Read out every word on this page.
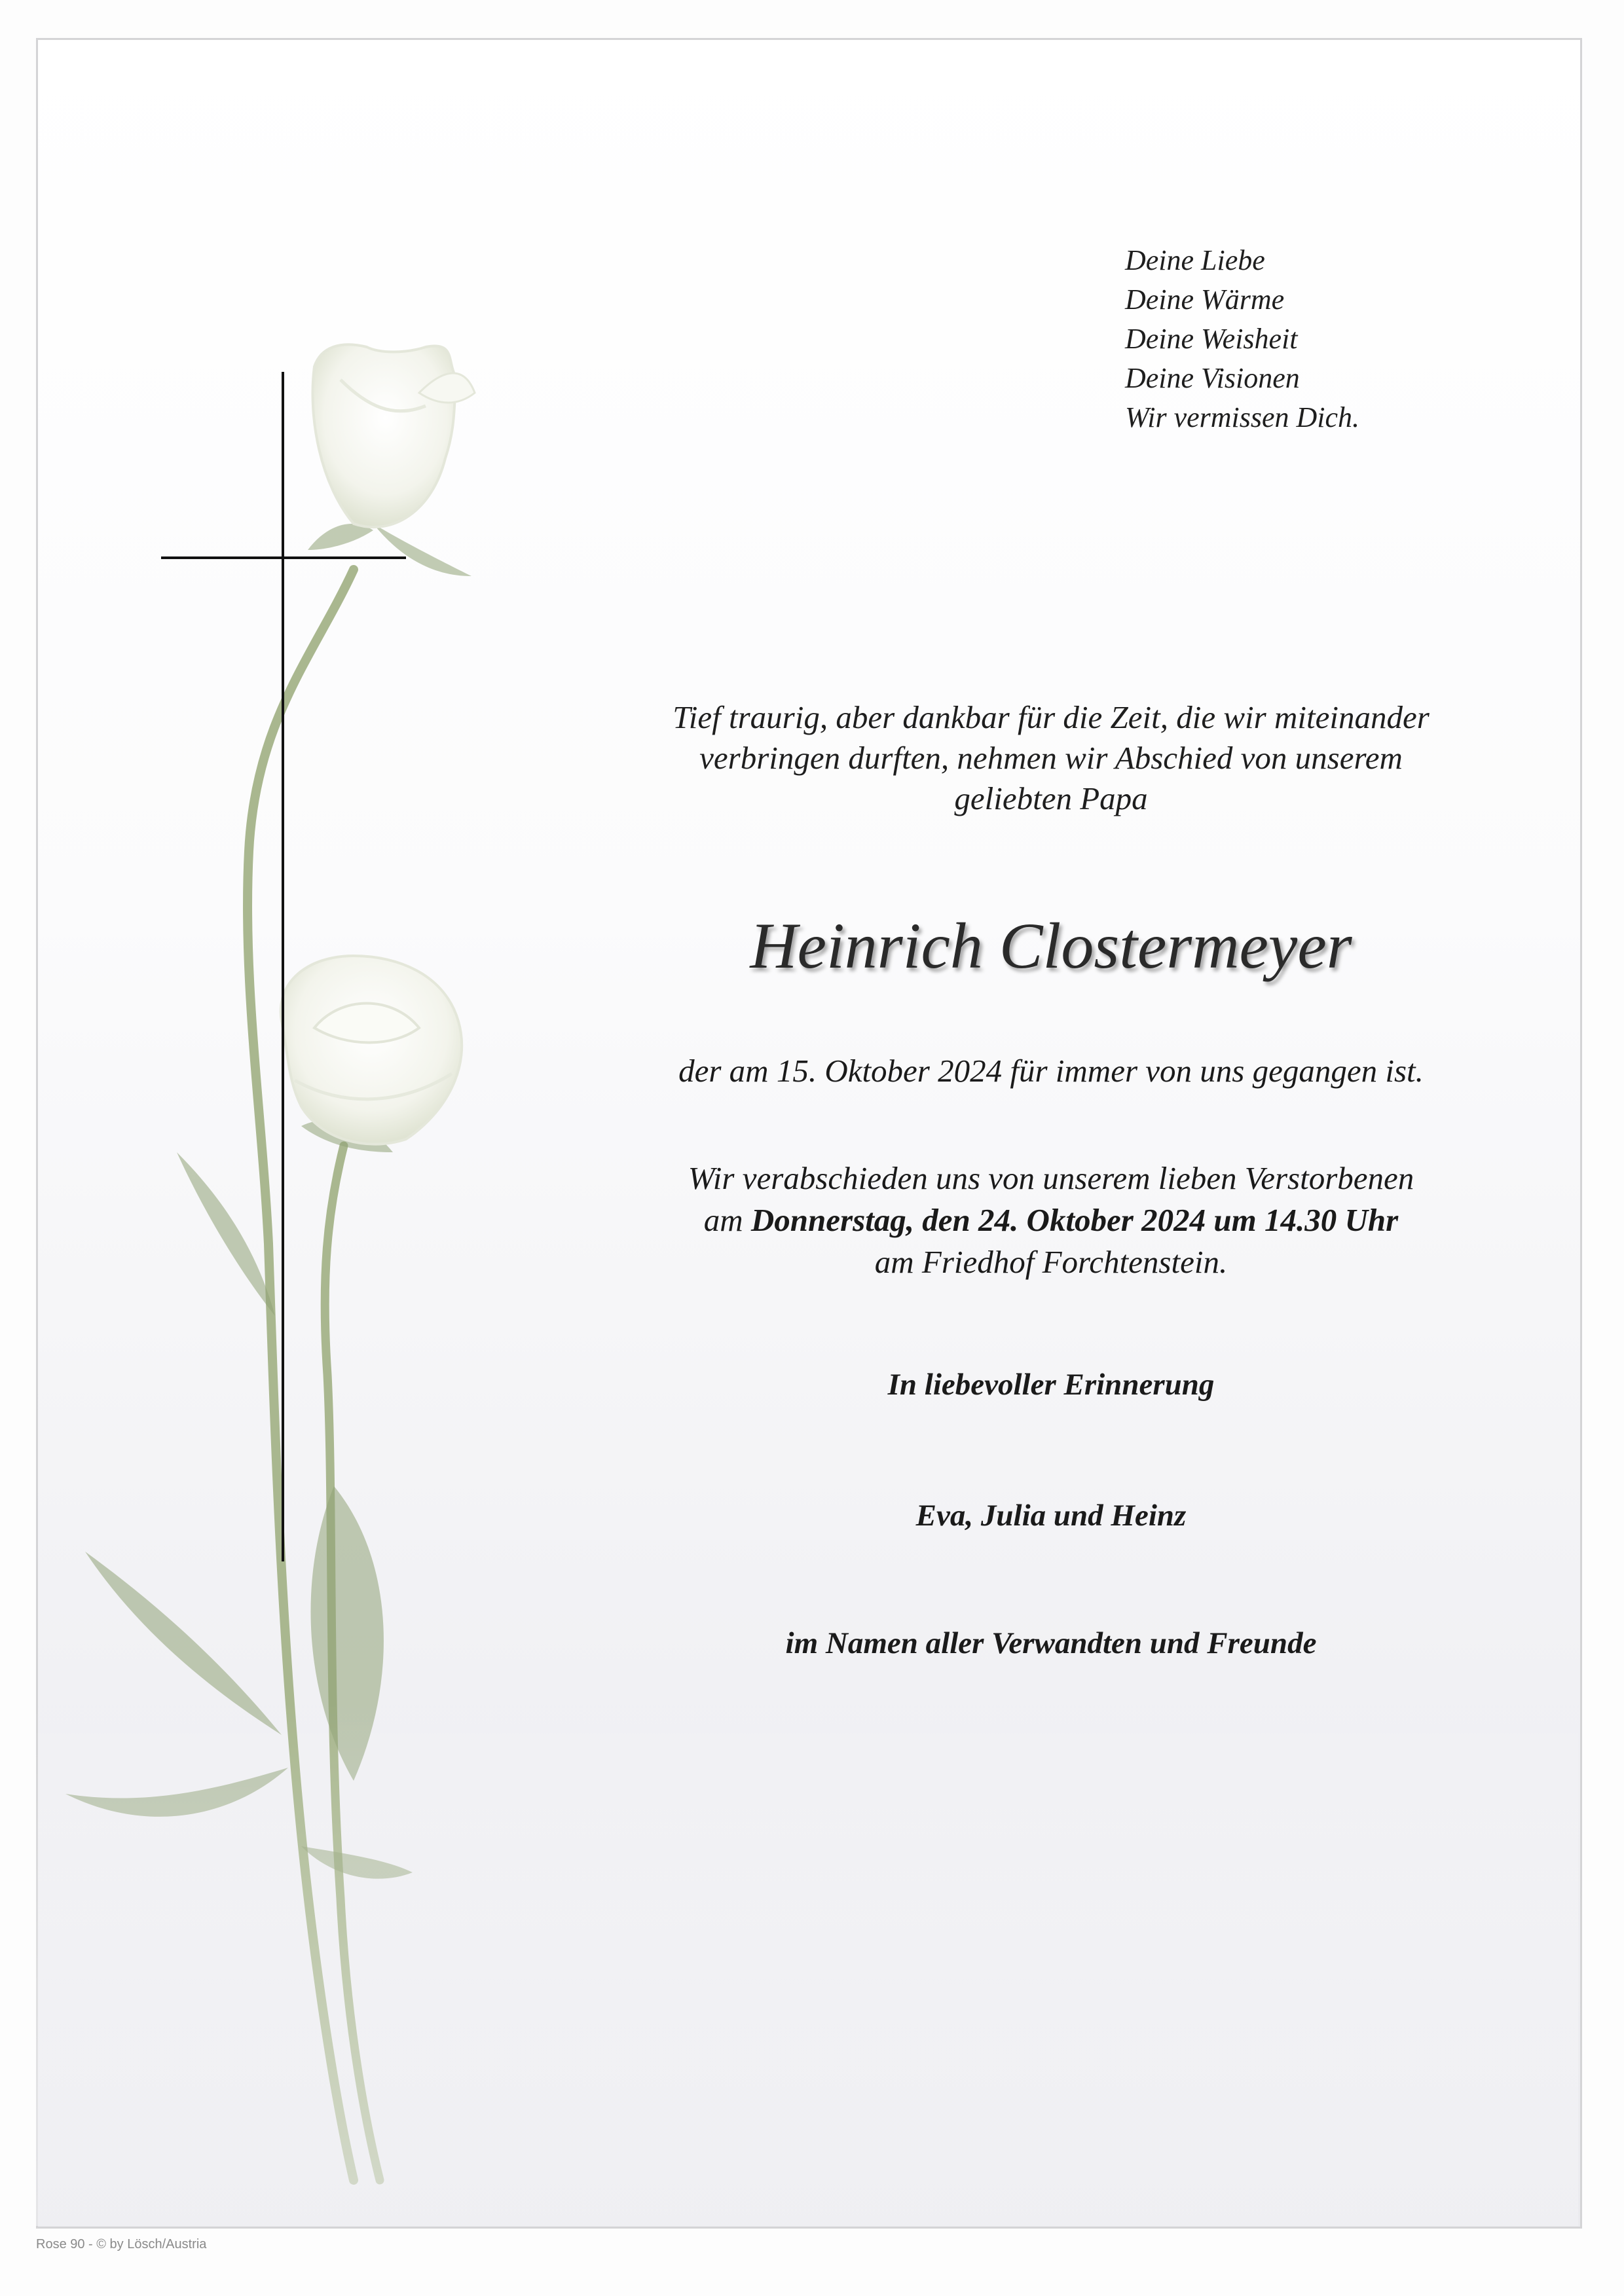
Deine Liebe
Deine Wärme
Deine Weisheit
Deine Visionen
Wir vermissen Dich.
Tief traurig, aber dankbar für die Zeit, die wir miteinander
verbringen durften, nehmen wir Abschied von unserem
geliebten Papa
Heinrich Clostermeyer
der am 15. Oktober 2024 für immer von uns gegangen ist.
Wir verabschieden uns von unserem lieben Verstorbenen
am Donnerstag, den 24. Oktober 2024 um 14.30 Uhr
am Friedhof Forchtenstein.
In liebevoller Erinnerung
Eva, Julia und Heinz
im Namen aller Verwandten und Freunde
Rose 90 - © by Lösch/Austria
